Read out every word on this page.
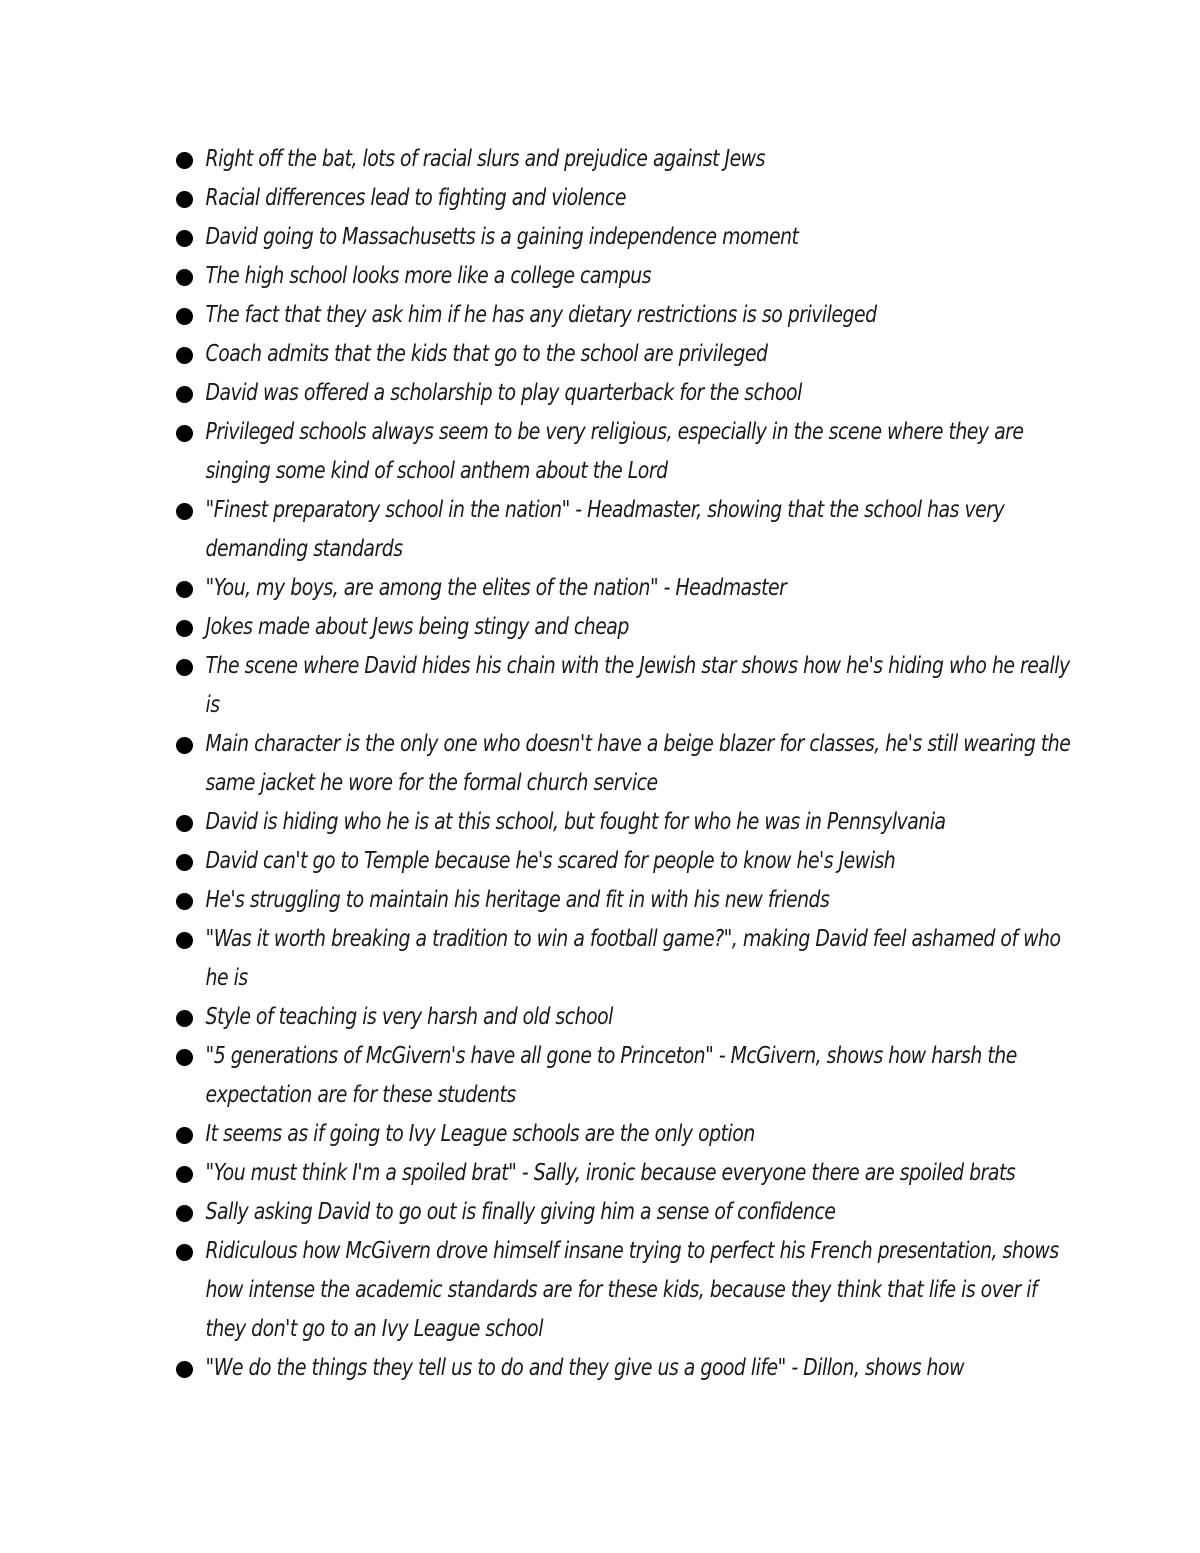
Right off the bat, lots of racial slurs and prejudice against Jews
Racial differences lead to fighting and violence
David going to Massachusetts is a gaining independence moment
The high school looks more like a college campus
The fact that they ask him if he has any dietary restrictions is so privileged
Coach admits that the kids that go to the school are privileged
David was offered a scholarship to play quarterback for the school
Privileged schools always seem to be very religious, especially in the scene where they are singing some kind of school anthem about the Lord
"Finest preparatory school in the nation" - Headmaster, showing that the school has very demanding standards
"You, my boys, are among the elites of the nation" - Headmaster
Jokes made about Jews being stingy and cheap
The scene where David hides his chain with the Jewish star shows how he's hiding who he really is
Main character is the only one who doesn't have a beige blazer for classes, he's still wearing the same jacket he wore for the formal church service
David is hiding who he is at this school, but fought for who he was in Pennsylvania
David can't go to Temple because he's scared for people to know he's Jewish
He's struggling to maintain his heritage and fit in with his new friends
"Was it worth breaking a tradition to win a football game?", making David feel ashamed of who he is
Style of teaching is very harsh and old school
"5 generations of McGivern's have all gone to Princeton" - McGivern, shows how harsh the expectation are for these students
It seems as if going to Ivy League schools are the only option
"You must think I'm a spoiled brat" - Sally, ironic because everyone there are spoiled brats
Sally asking David to go out is finally giving him a sense of confidence
Ridiculous how McGivern drove himself insane trying to perfect his French presentation, shows how intense the academic standards are for these kids, because they think that life is over if they don't go to an Ivy League school
"We do the things they tell us to do and they give us a good life" - Dillon, shows how
